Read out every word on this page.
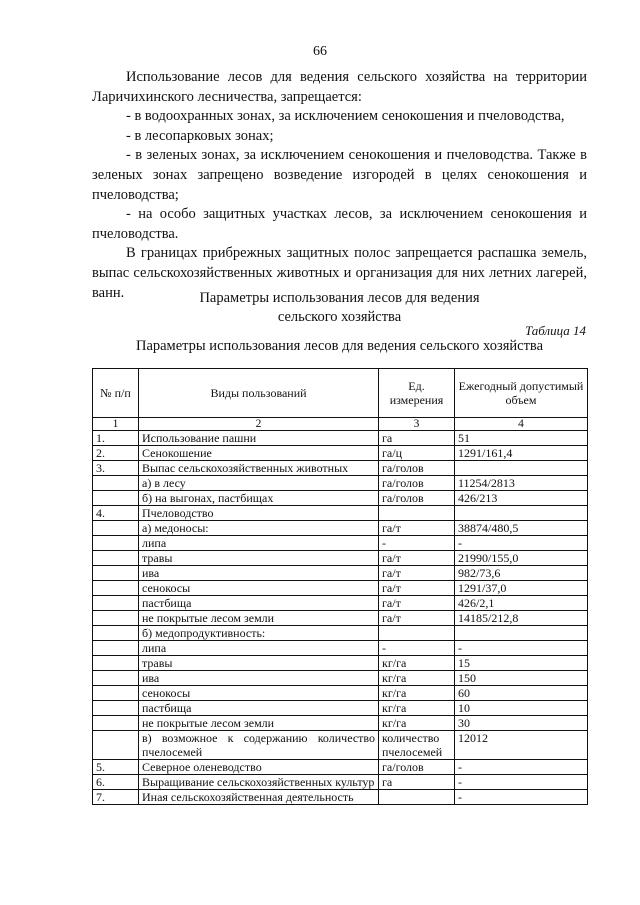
66

Использование лесов для ведения сельского хозяйства на территории Ларичихинского лесничества, запрещается:

- в водоохранных зонах, за исключением сенокошения и пчеловодства,

- в лесопарковых зонах;

- в зеленых зонах, за исключением сенокошения и пчеловодства. Также в зеленых зонах запрещено возведение изгородей в целях сенокошения и пчеловодства;

- на особо защитных участках лесов, за исключением сенокошения и пчеловодства.

В границах прибрежных защитных полос запрещается распашка земель, выпас сельскохозяйственных животных и организация для них летних лагерей, ванн.	Параметры использования лесов для ведения
сельского хозяйства
Таблица 14
Параметры использования лесов для ведения сельского хозяйства
№ п/п	Виды пользований	Ед. измерения	Ежегодный допустимый объем
1	2	3	4
1.	Использование пашни	га	51
2.	Сенокошение	га/ц	1291/161,4
3.	Выпас сельскохозяйственных животных	га/голов	
	а) в лесу	га/голов	11254/2813
	б) на выгонах, пастбищах	га/голов	426/213
4.	Пчеловодство		
	а) медоносы:	га/т	38874/480,5
	липа	-	-
	травы	га/т	21990/155,0
	ива	га/т	982/73,6
	сенокосы	га/т	1291/37,0
	пастбища	га/т	426/2,1
	не покрытые лесом земли	га/т	14185/212,8
	б) медопродуктивность:		
	липа	-	-
	травы	кг/га	15
	ива	кг/га	150
	сенокосы	кг/га	60
	пастбища	кг/га	10
	не покрытые лесом земли	кг/га	30
	в) возможное к содержанию количество пчелосемей	количество пчелосемей	12012
5.	Северное оленеводство	га/голов	-
6.	Выращивание сельскохозяйственных культур	га	-
7.	Иная сельскохозяйственная деятельность		-
